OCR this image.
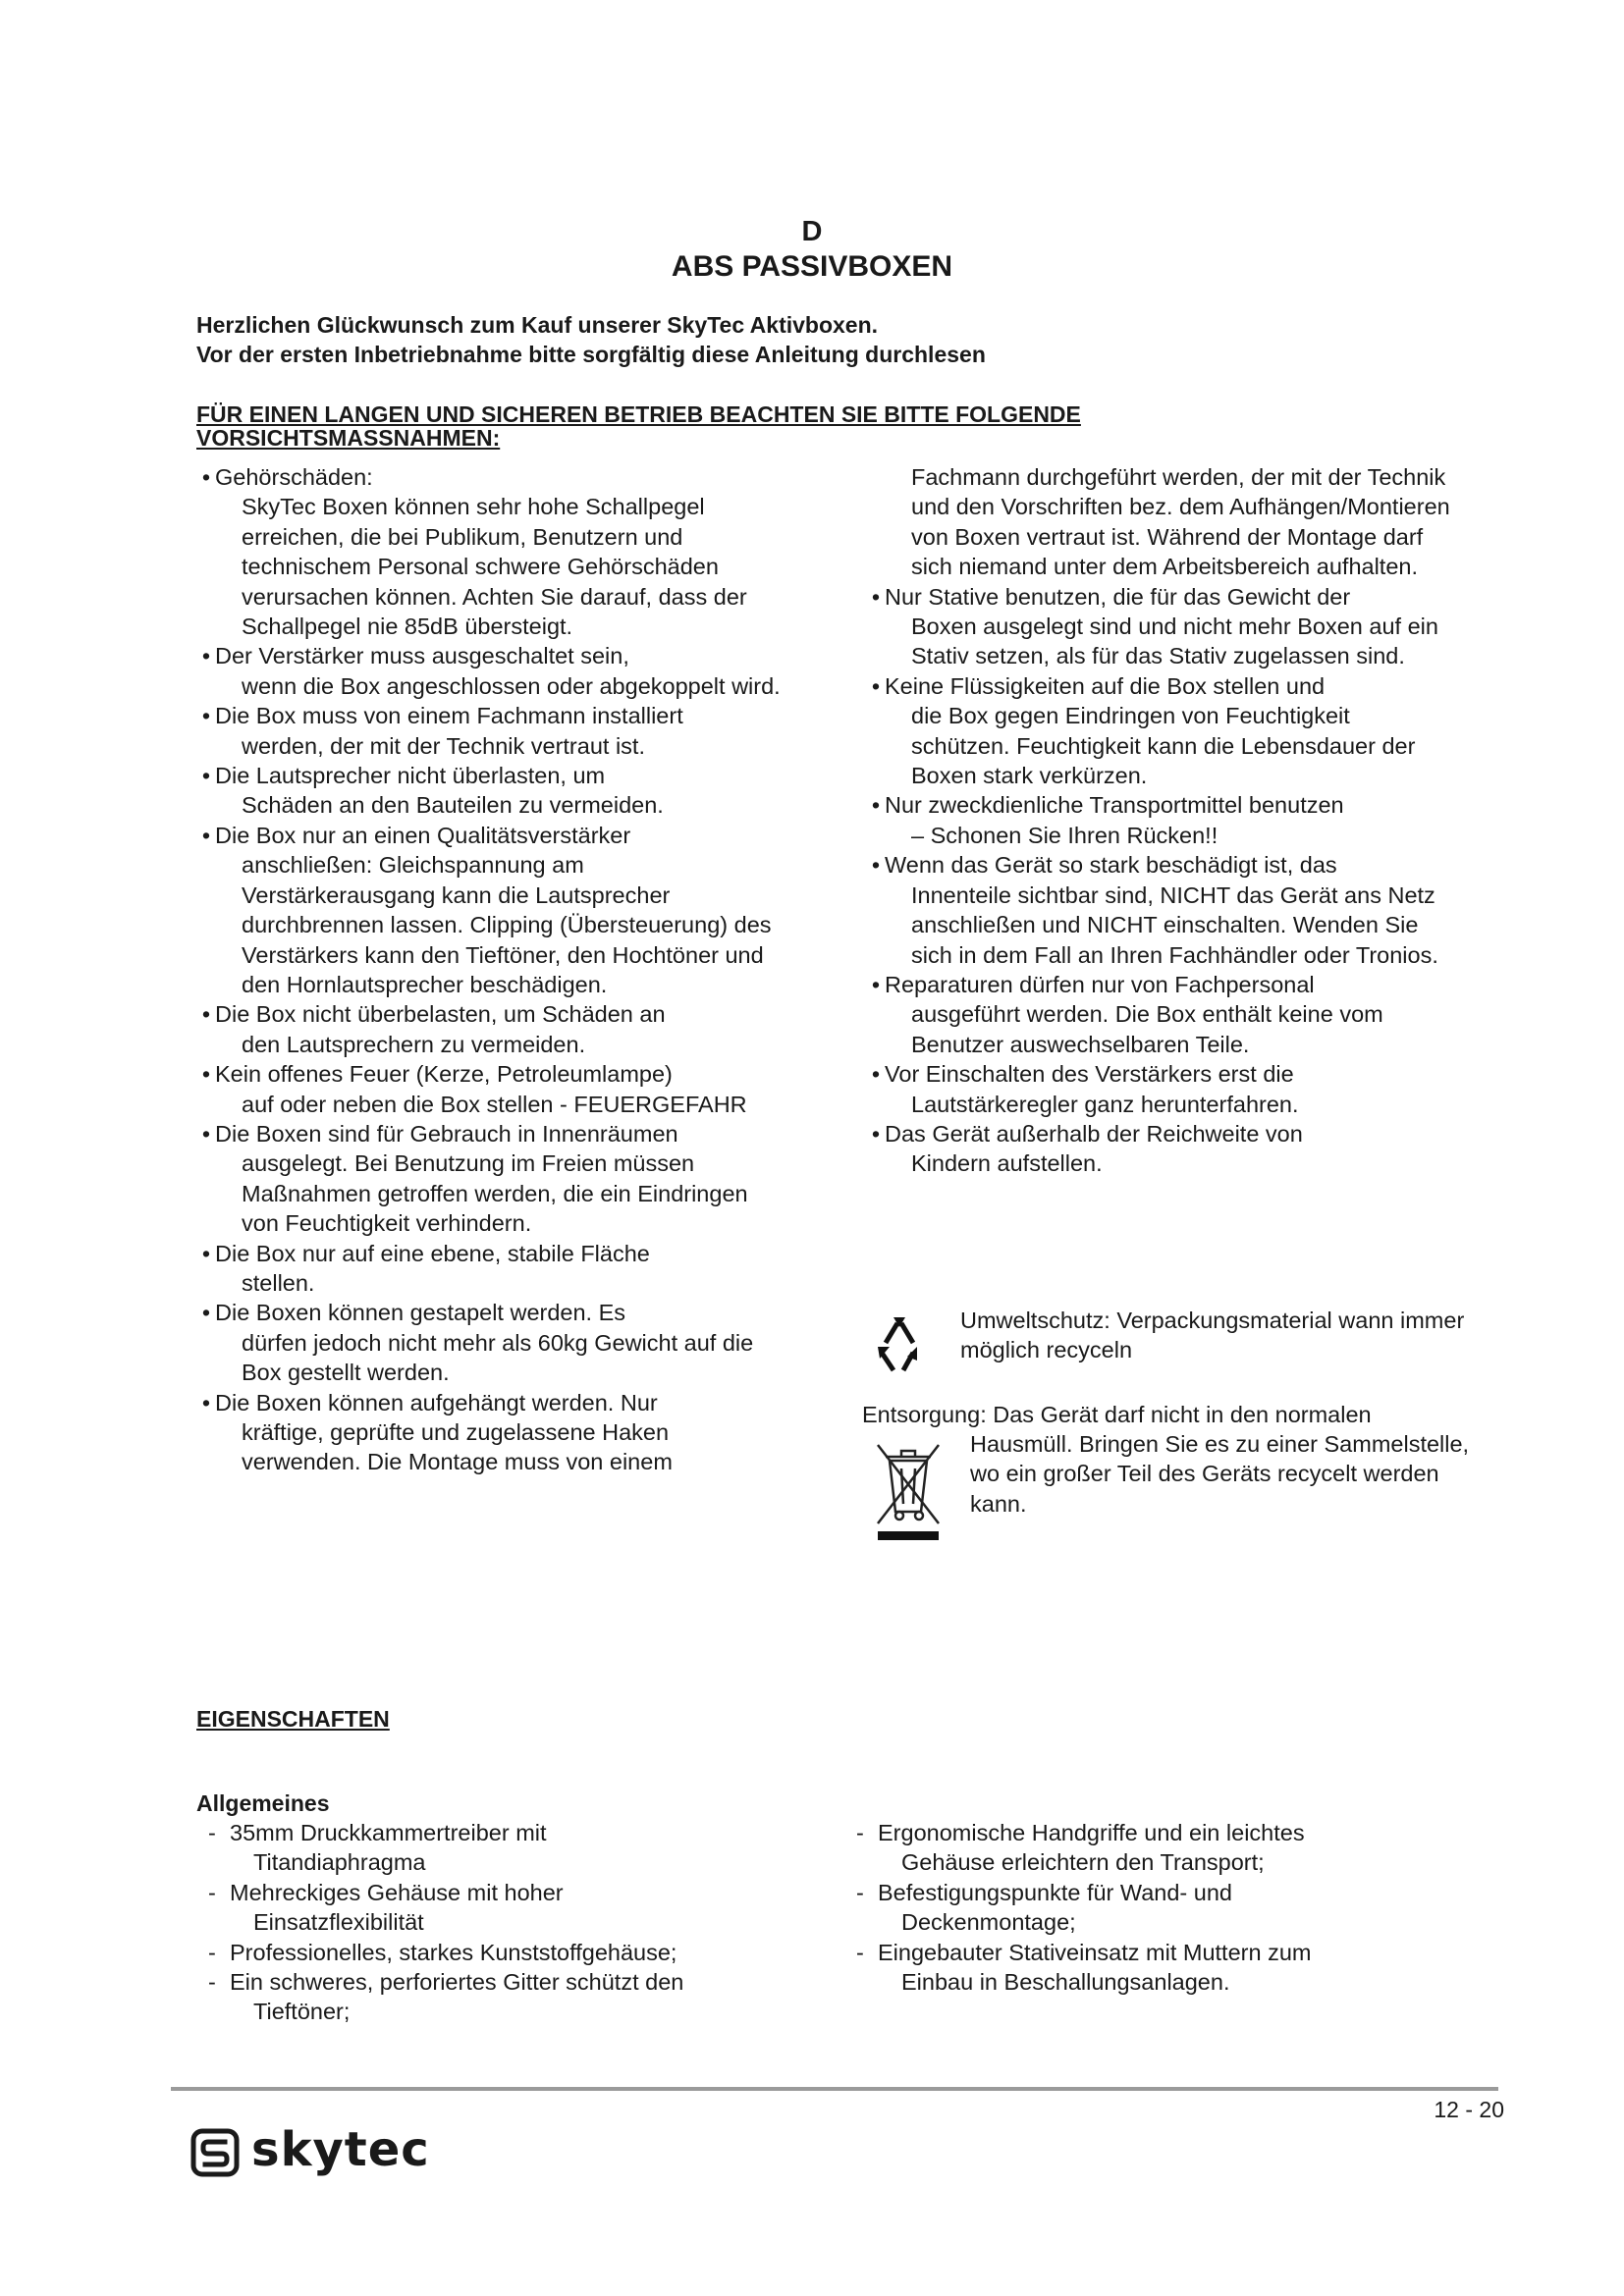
D
ABS PASSIVBOXEN
Herzlichen Glückwunsch zum Kauf unserer SkyTec Aktivboxen.
Vor der ersten Inbetriebnahme bitte sorgfältig diese Anleitung durchlesen
FÜR EINEN LANGEN UND SICHEREN BETRIEB BEACHTEN SIE BITTE FOLGENDE VORSICHTSMASSNAHMEN:
• Gehörschäden:
SkyTec Boxen können sehr hohe Schallpegel erreichen, die bei Publikum, Benutzern und technischem Personal schwere Gehörschäden verursachen können. Achten Sie darauf, dass der Schallpegel nie 85dB übersteigt.
• Der Verstärker muss ausgeschaltet sein,
wenn die Box angeschlossen oder abgekoppelt wird.
• Die Box muss von einem Fachmann installiert
werden, der mit der Technik vertraut ist.
• Die Lautsprecher nicht überlasten, um
Schäden an den Bauteilen zu vermeiden.
• Die Box nur an einen Qualitätsverstärker
anschließen: Gleichspannung am Verstärkerausgang kann die Lautsprecher durchbrennen lassen. Clipping (Übersteuerung) des Verstärkers kann den Tieftöner, den Hochtöner und den Hornlautsprecher beschädigen.
• Die Box nicht überbelasten, um Schäden an
den Lautsprechern zu vermeiden.
• Kein offenes Feuer (Kerze, Petroleumlampe)
auf oder neben die Box stellen - FEUERGEFAHR
• Die Boxen sind für Gebrauch in Innenräumen
ausgelegt. Bei Benutzung im Freien müssen Maßnahmen getroffen werden, die ein Eindringen von Feuchtigkeit verhindern.
• Die Box nur auf eine ebene, stabile Fläche
stellen.
• Die Boxen können gestapelt werden. Es
dürfen jedoch nicht mehr als 60kg Gewicht auf die Box gestellt werden.
• Die Boxen können aufgehängt werden. Nur
kräftige, geprüfte und zugelassene Haken verwenden. Die Montage muss von einem
Fachmann durchgeführt werden, der mit der Technik und den Vorschriften bez. dem Aufhängen/Montieren von Boxen vertraut ist. Während der Montage darf sich niemand unter dem Arbeitsbereich aufhalten.
• Nur Stative benutzen, die für das Gewicht der
Boxen ausgelegt sind und nicht mehr Boxen auf ein Stativ setzen, als für das Stativ zugelassen sind.
• Keine Flüssigkeiten auf die Box stellen und
die Box gegen Eindringen von Feuchtigkeit schützen. Feuchtigkeit kann die Lebensdauer der Boxen stark verkürzen.
• Nur zweckdienliche Transportmittel benutzen
– Schonen Sie Ihren Rücken!!
• Wenn das Gerät so stark beschädigt ist, das
Innenteile sichtbar sind, NICHT das Gerät ans Netz anschließen und NICHT einschalten. Wenden Sie sich in dem Fall an Ihren Fachhändler oder Tronios.
• Reparaturen dürfen nur von Fachpersonal
ausgeführt werden. Die Box enthält keine vom Benutzer auswechselbaren Teile.
• Vor Einschalten des Verstärkers erst die
Lautstärkeregler ganz herunterfahren.
• Das Gerät außerhalb der Reichweite von
Kindern aufstellen.
Umweltschutz: Verpackungsmaterial wann immer möglich recyceln
Entsorgung: Das Gerät darf nicht in den normalen
Hausmüll. Bringen Sie es zu einer Sammelstelle, wo ein großer Teil des Geräts recycelt werden kann.
EIGENSCHAFTEN
Allgemeines
- 35mm Druckkammertreiber mit
Titandiaphragma
- Mehreckiges Gehäuse mit hoher
Einsatzflexibilität
- Professionelles, starkes Kunststoffgehäuse;
- Ein schweres, perforiertes Gitter schützt den
Tieftöner;
- Ergonomische Handgriffe und ein leichtes
Gehäuse erleichtern den Transport;
- Befestigungspunkte für Wand- und
Deckenmontage;
- Eingebauter Stativeinsatz mit Muttern zum
Einbau in Beschallungsanlagen.
12 - 20
skytec
